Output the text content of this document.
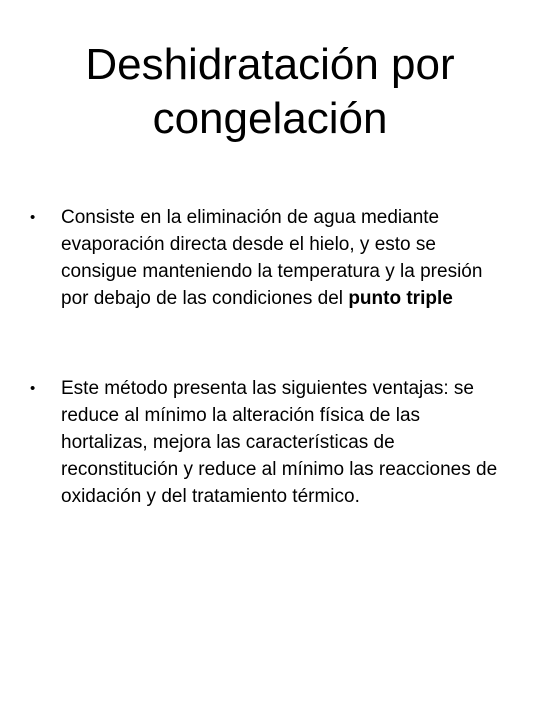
Deshidratación por
congelación
• Consiste en la eliminación de agua mediante evaporación directa desde el hielo, y esto se consigue manteniendo la temperatura y la presión por debajo de las condiciones del punto triple
• Este método presenta las siguientes ventajas: se reduce al mínimo la alteración física de las hortalizas, mejora las características de reconstitución y reduce al mínimo las reacciones de oxidación y del tratamiento térmico.
